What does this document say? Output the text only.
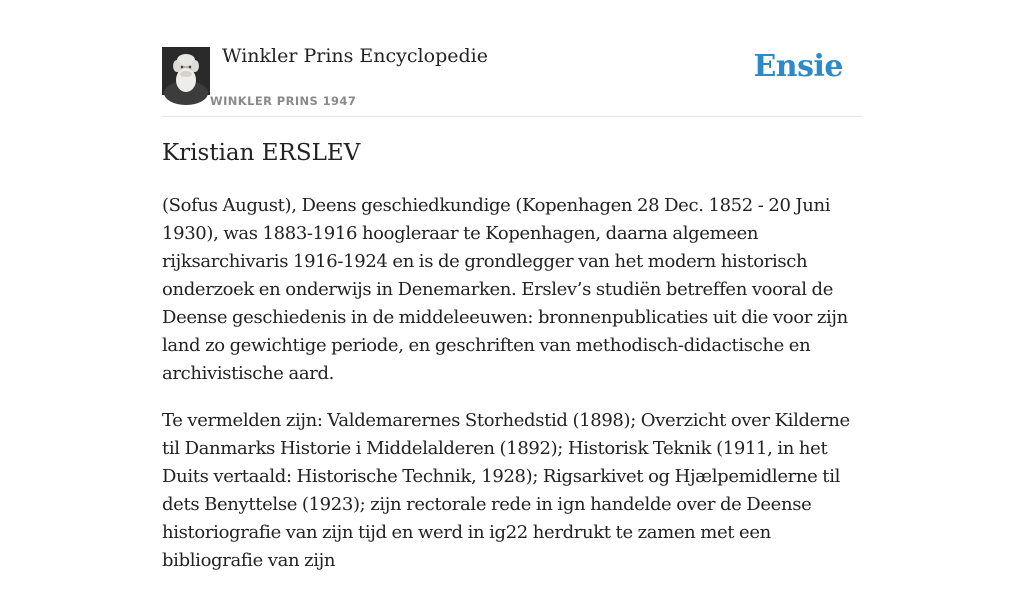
Winkler Prins Encyclopedie
WINKLER PRINS 1947
Ensie
Kristian ERSLEV

(Sofus August), Deens geschiedkundige (Kopenhagen 28 Dec. 1852 - 20 Juni 1930), was 1883-1916 hoogleraar te Kopenhagen, daarna algemeen rijksarchivaris 1916-1924 en is de grondlegger van het modern historisch onderzoek en onderwijs in Denemarken. Erslev’s studiën betreffen vooral de Deense geschiedenis in de middeleeuwen: bronnenpublicaties uit die voor zijn land zo gewichtige periode, en geschriften van methodisch-didactische en archivistische aard.

Te vermelden zijn: Valdemarernes Storhedstid (1898); Overzicht over Kilderne til Danmarks Historie i Middelalderen (1892); Historisk Teknik (1911, in het Duits vertaald: Historische Technik, 1928); Rigsarkivet og Hjælpemidlerne til dets Benyttelse (1923); zijn rectorale rede in ign handelde over de Deense historiografie van zijn tijd en werd in ig22 herdrukt te zamen met een bibliografie van zijn
